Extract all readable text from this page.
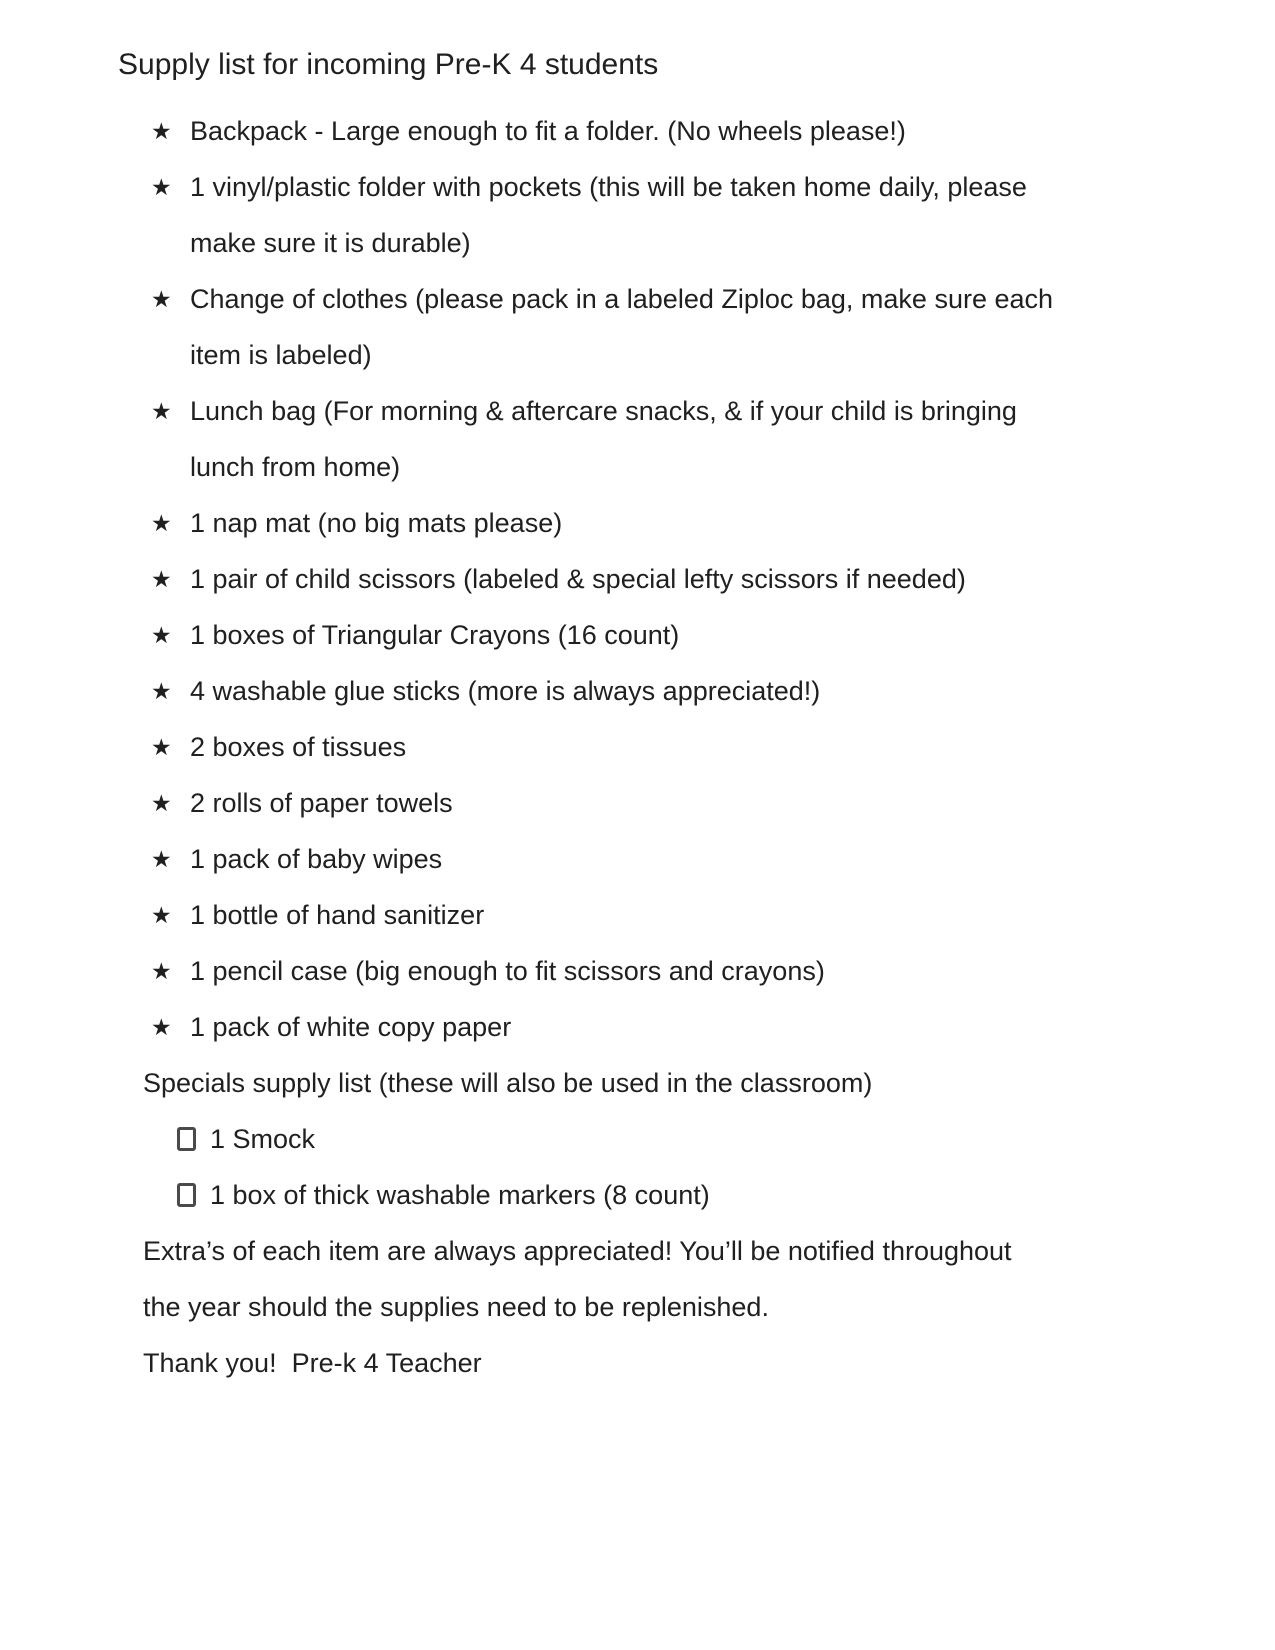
Supply list for incoming Pre-K 4 students
★ Backpack - Large enough to fit a folder. (No wheels please!)
★ 1 vinyl/plastic folder with pockets (this will be taken home daily, please make sure it is durable)
★ Change of clothes (please pack in a labeled Ziploc bag, make sure each item is labeled)
★ Lunch bag (For morning & aftercare snacks, & if your child is bringing lunch from home)
★ 1 nap mat (no big mats please)
★ 1 pair of child scissors (labeled & special lefty scissors if needed)
★ 1 boxes of Triangular Crayons (16 count)
★ 4 washable glue sticks (more is always appreciated!)
★ 2 boxes of tissues
★ 2 rolls of paper towels
★ 1 pack of baby wipes
★ 1 bottle of hand sanitizer
★ 1 pencil case (big enough to fit scissors and crayons)
★ 1 pack of white copy paper

Specials supply list (these will also be used in the classroom)

1 Smock
1 box of thick washable markers (8 count)

Extra’s of each item are always appreciated! You’ll be notified throughout the year should the supplies need to be replenished.

Thank you!  Pre-k 4 Teacher
